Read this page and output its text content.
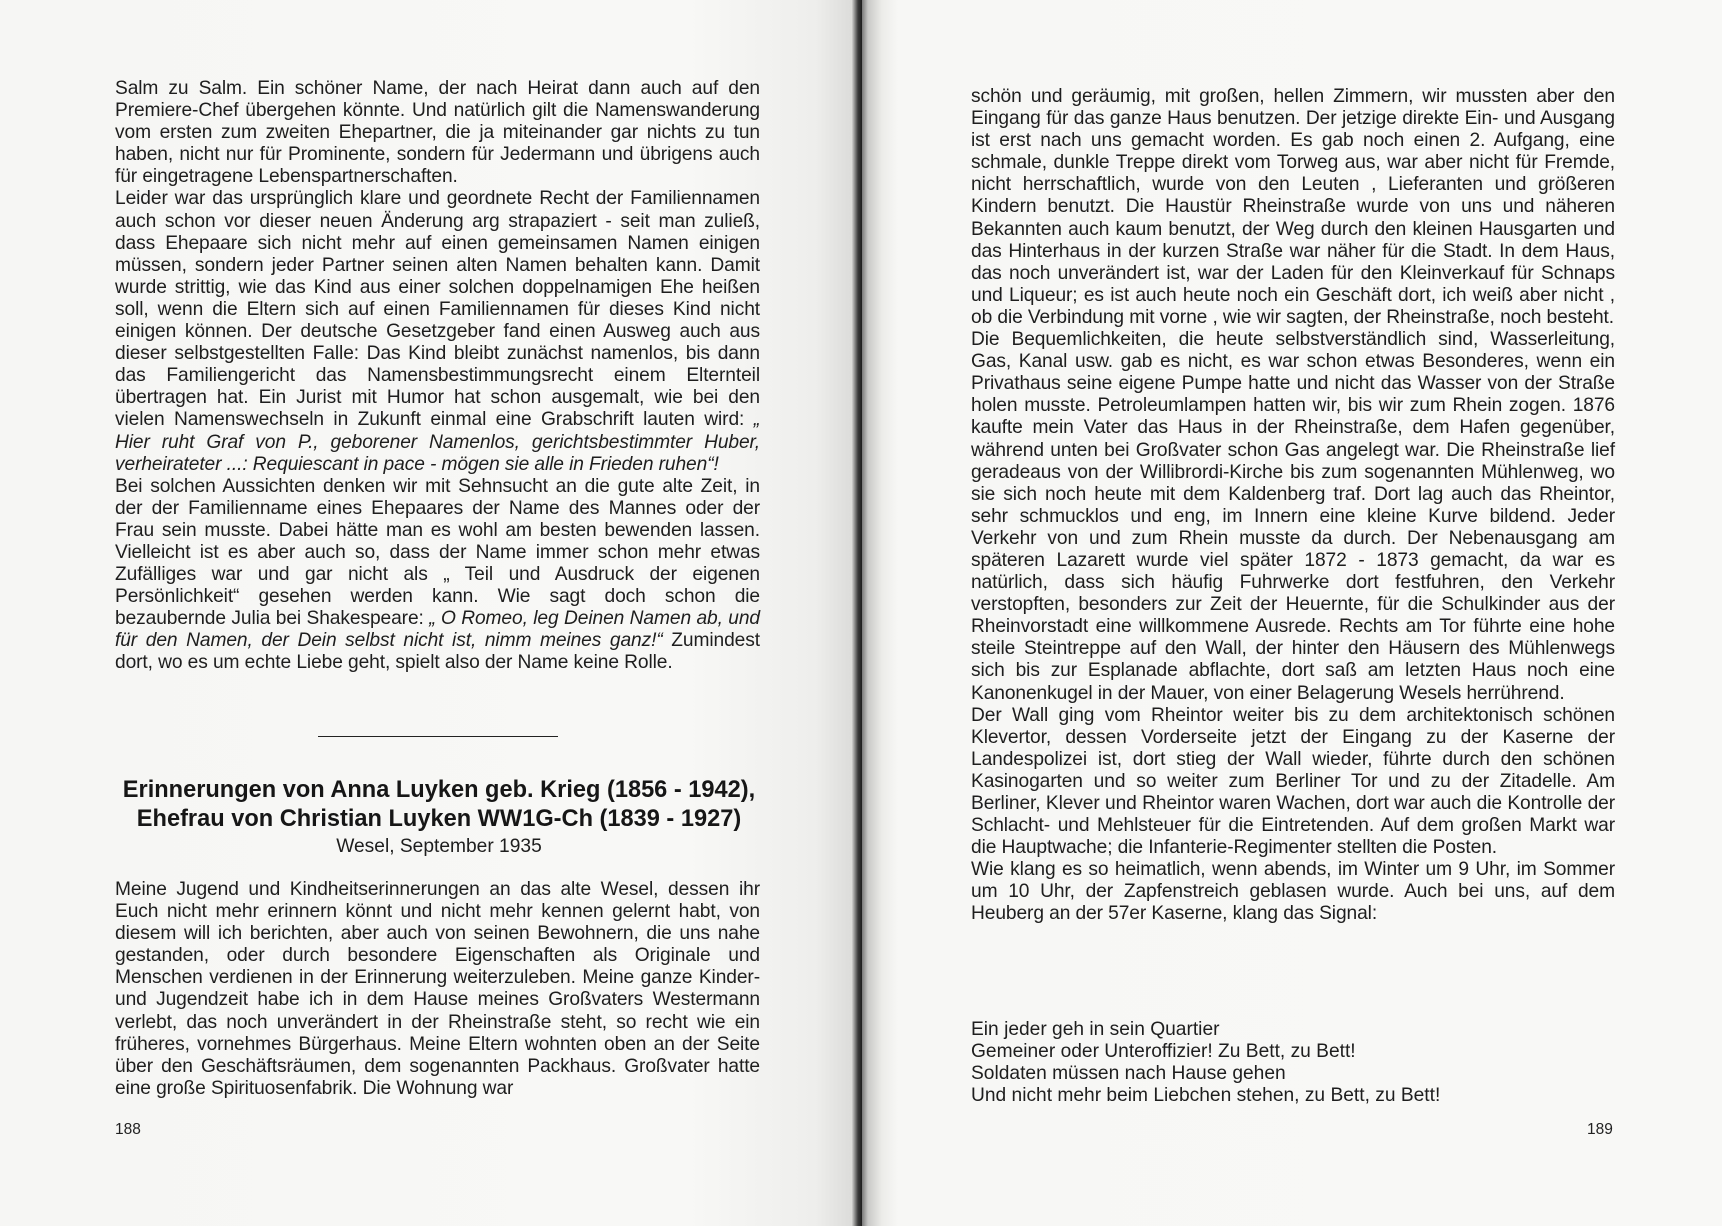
Salm zu Salm. Ein schöner Name, der nach Heirat dann auch auf den Premiere-Chef übergehen könnte. Und natürlich gilt die Namenswanderung vom ersten zum zweiten Ehepartner, die ja miteinander gar nichts zu tun haben, nicht nur für Prominente, sondern für Jedermann und übrigens auch für eingetragene Lebenspartnerschaften.

Leider war das ursprünglich klare und geordnete Recht der Familiennamen auch schon vor dieser neuen Änderung arg strapaziert - seit man zuließ, dass Ehepaare sich nicht mehr auf einen gemeinsamen Namen einigen müssen, sondern jeder Partner seinen alten Namen behalten kann. Damit wurde strittig, wie das Kind aus einer solchen doppelnamigen Ehe heißen soll, wenn die Eltern sich auf einen Familiennamen für dieses Kind nicht einigen können. Der deutsche Gesetzgeber fand einen Ausweg auch aus dieser selbstgestellten Falle: Das Kind bleibt zunächst namenlos, bis dann das Familiengericht das Namensbestimmungsrecht einem Elternteil übertragen hat. Ein Jurist mit Humor hat schon ausgemalt, wie bei den vielen Namenswechseln in Zukunft einmal eine Grabschrift lauten wird: „ Hier ruht Graf von P., geborener Namenlos, gerichtsbestimmter Huber, verheirateter ...: Requiescant in pace - mögen sie alle in Frieden ruhen“!

Bei solchen Aussichten denken wir mit Sehnsucht an die gute alte Zeit, in der der Familienname eines Ehepaares der Name des Mannes oder der Frau sein musste. Dabei hätte man es wohl am besten bewenden lassen. Vielleicht ist es aber auch so, dass der Name immer schon mehr etwas Zufälliges war und gar nicht als „ Teil und Ausdruck der eigenen Persönlichkeit“ gesehen werden kann. Wie sagt doch schon die bezaubernde Julia bei Shakespeare: „ O Romeo, leg Deinen Namen ab, und für den Namen, der Dein selbst nicht ist, nimm meines ganz!“ Zumindest dort, wo es um echte Liebe geht, spielt also der Name keine Rolle.

Erinnerungen von Anna Luyken geb. Krieg (1856 - 1942),
Ehefrau von Christian Luyken WW1G-Ch (1839 - 1927)
Wesel, September 1935

Meine Jugend und Kindheitserinnerungen an das alte Wesel, dessen ihr Euch nicht mehr erinnern könnt und nicht mehr kennen gelernt habt, von diesem will ich berichten, aber auch von seinen Bewohnern, die uns nahe gestanden, oder durch besondere Eigenschaften als Originale und Menschen verdienen in der Erinnerung weiterzuleben. Meine ganze Kinder- und Jugendzeit habe ich in dem Hause meines Großvaters Westermann verlebt, das noch unverändert in der Rheinstraße steht, so recht wie ein früheres, vornehmes Bürgerhaus. Meine Eltern wohnten oben an der Seite über den Geschäftsräumen, dem sogenannten Packhaus. Großvater hatte eine große Spirituosenfabrik. Die Wohnung war

188

schön und geräumig, mit großen, hellen Zimmern, wir mussten aber den Eingang für das ganze Haus benutzen. Der jetzige direkte Ein- und Ausgang ist erst nach uns gemacht worden. Es gab noch einen 2. Aufgang, eine schmale, dunkle Treppe direkt vom Torweg aus, war aber nicht für Fremde, nicht herrschaftlich, wurde von den Leuten , Lieferanten und größeren Kindern benutzt. Die Haustür Rheinstraße wurde von uns und näheren Bekannten auch kaum benutzt, der Weg durch den kleinen Hausgarten und das Hinterhaus in der kurzen Straße war näher für die Stadt. In dem Haus, das noch unverändert ist, war der Laden für den Kleinverkauf für Schnaps und Liqueur; es ist auch heute noch ein Geschäft dort, ich weiß aber nicht , ob die Verbindung mit vorne , wie wir sagten, der Rheinstraße, noch besteht.

Die Bequemlichkeiten, die heute selbstverständlich sind, Wasserleitung, Gas, Kanal usw. gab es nicht, es war schon etwas Besonderes, wenn ein Privathaus seine eigene Pumpe hatte und nicht das Wasser von der Straße holen musste. Petroleumlampen hatten wir, bis wir zum Rhein zogen. 1876 kaufte mein Vater das Haus in der Rheinstraße, dem Hafen gegenüber, während unten bei Großvater schon Gas angelegt war. Die Rheinstraße lief geradeaus von der Willibrordi-Kirche bis zum sogenannten Mühlenweg, wo sie sich noch heute mit dem Kaldenberg traf. Dort lag auch das Rheintor, sehr schmucklos und eng, im Innern eine kleine Kurve bildend. Jeder Verkehr von und zum Rhein musste da durch. Der Nebenausgang am späteren Lazarett wurde viel später 1872 - 1873 gemacht, da war es natürlich, dass sich häufig Fuhrwerke dort festfuhren, den Verkehr verstopften, besonders zur Zeit der Heuernte, für die Schulkinder aus der Rheinvorstadt eine willkommene Ausrede. Rechts am Tor führte eine hohe steile Steintreppe auf den Wall, der hinter den Häusern des Mühlenwegs sich bis zur Esplanade abflachte, dort saß am letzten Haus noch eine Kanonenkugel in der Mauer, von einer Belagerung Wesels herrührend.

Der Wall ging vom Rheintor weiter bis zu dem architektonisch schönen Klevertor, dessen Vorderseite jetzt der Eingang zu der Kaserne der Landespolizei ist, dort stieg der Wall wieder, führte durch den schönen Kasinogarten und so weiter zum Berliner Tor und zu der Zitadelle. Am Berliner, Klever und Rheintor waren Wachen, dort war auch die Kontrolle der Schlacht- und Mehlsteuer für die Eintretenden. Auf dem großen Markt war die Hauptwache; die Infanterie-Regimenter stellten die Posten.

Wie klang es so heimatlich, wenn abends, im Winter um 9 Uhr, im Sommer um 10 Uhr, der Zapfenstreich geblasen wurde. Auch bei uns, auf dem Heuberg an der 57er Kaserne, klang das Signal:

Ein jeder geh in sein Quartier
Gemeiner oder Unteroffizier! Zu Bett, zu Bett!
Soldaten müssen nach Hause gehen
Und nicht mehr beim Liebchen stehen, zu Bett, zu Bett!
189
